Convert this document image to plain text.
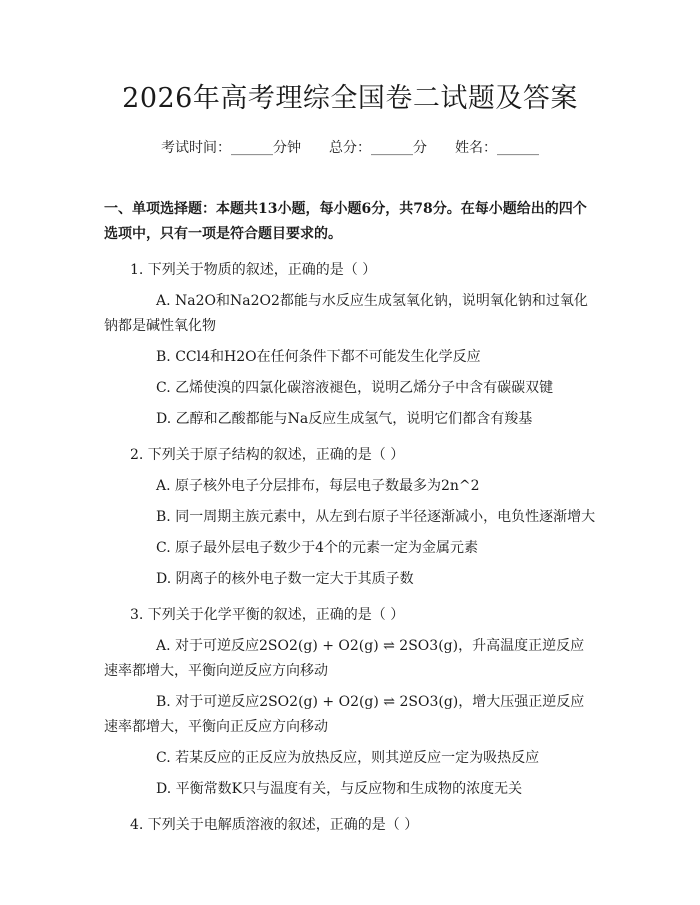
2026年高考理综全国卷二试题及答案
考试时间：______分钟 总分：______分 姓名：______

一、单项选择题：本题共13小题，每小题6分，共78分。在每小题给出的四个选项中，只有一项是符合题目要求的。

1. 下列关于物质的叙述，正确的是（ ）

A. Na2O和Na2O2都能与水反应生成氢氧化钠，说明氧化钠和过氧化钠都是碱性氧化物

B. CCl4和H2O在任何条件下都不可能发生化学反应

C. 乙烯使溴的四氯化碳溶液褪色，说明乙烯分子中含有碳碳双键

D. 乙醇和乙酸都能与Na反应生成氢气，说明它们都含有羧基

2. 下列关于原子结构的叙述，正确的是（ ）

A. 原子核外电子分层排布，每层电子数最多为2n^2

B. 同一周期主族元素中，从左到右原子半径逐渐减小，电负性逐渐增大

C. 原子最外层电子数少于4个的元素一定为金属元素

D. 阴离子的核外电子数一定大于其质子数

3. 下列关于化学平衡的叙述，正确的是（ ）

A. 对于可逆反应2SO2(g) + O2(g) ⇌ 2SO3(g)，升高温度正逆反应速率都增大，平衡向逆反应方向移动

B. 对于可逆反应2SO2(g) + O2(g) ⇌ 2SO3(g)，增大压强正逆反应速率都增大，平衡向正反应方向移动

C. 若某反应的正反应为放热反应，则其逆反应一定为吸热反应

D. 平衡常数K只与温度有关，与反应物和生成物的浓度无关

4. 下列关于电解质溶液的叙述，正确的是（ ）
